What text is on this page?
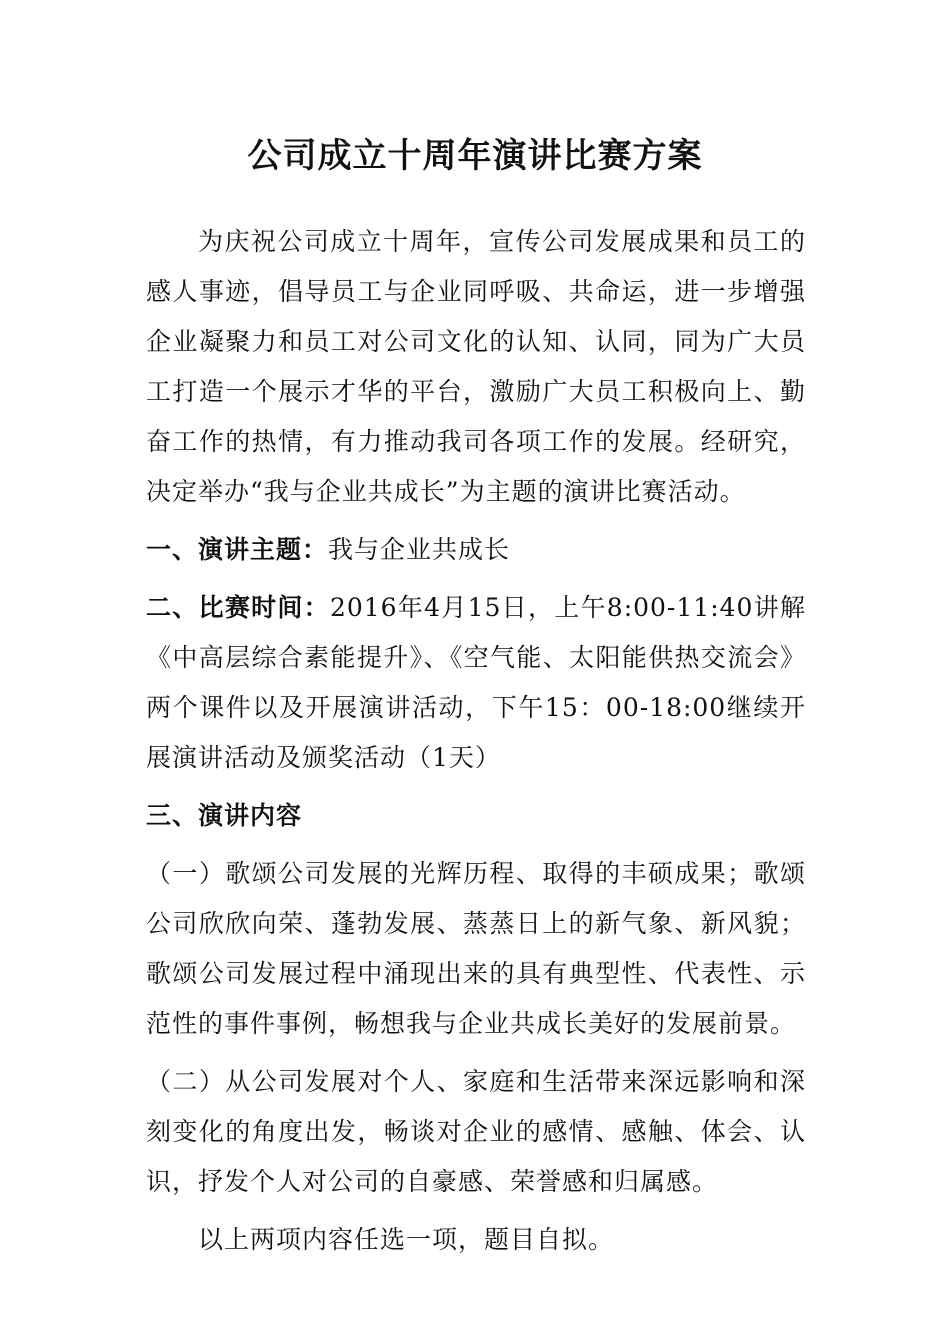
公司成立十周年演讲比赛方案

为庆祝公司成立十周年，宣传公司发展成果和员工的感人事迹，倡导员工与企业同呼吸、共命运，进一步增强企业凝聚力和员工对公司文化的认知、认同，同为广大员工打造一个展示才华的平台，激励广大员工积极向上、勤奋工作的热情，有力推动我司各项工作的发展。经研究，决定举办“我与企业共成长”为主题的演讲比赛活动。

一、演讲主题：我与企业共成长

二、比赛时间：2016年4月15日，上午8:00-11:40讲解《中高层综合素能提升》、《空气能、太阳能供热交流会》两个课件以及开展演讲活动，下午15：00-18:00继续开展演讲活动及颁奖活动（1天）

三、演讲内容

（一）歌颂公司发展的光辉历程、取得的丰硕成果；歌颂公司欣欣向荣、蓬勃发展、蒸蒸日上的新气象、新风貌；歌颂公司发展过程中涌现出来的具有典型性、代表性、示范性的事件事例，畅想我与企业共成长美好的发展前景。

（二）从公司发展对个人、家庭和生活带来深远影响和深刻变化的角度出发，畅谈对企业的感情、感触、体会、认识，抒发个人对公司的自豪感、荣誉感和归属感。

以上两项内容任选一项，题目自拟。
